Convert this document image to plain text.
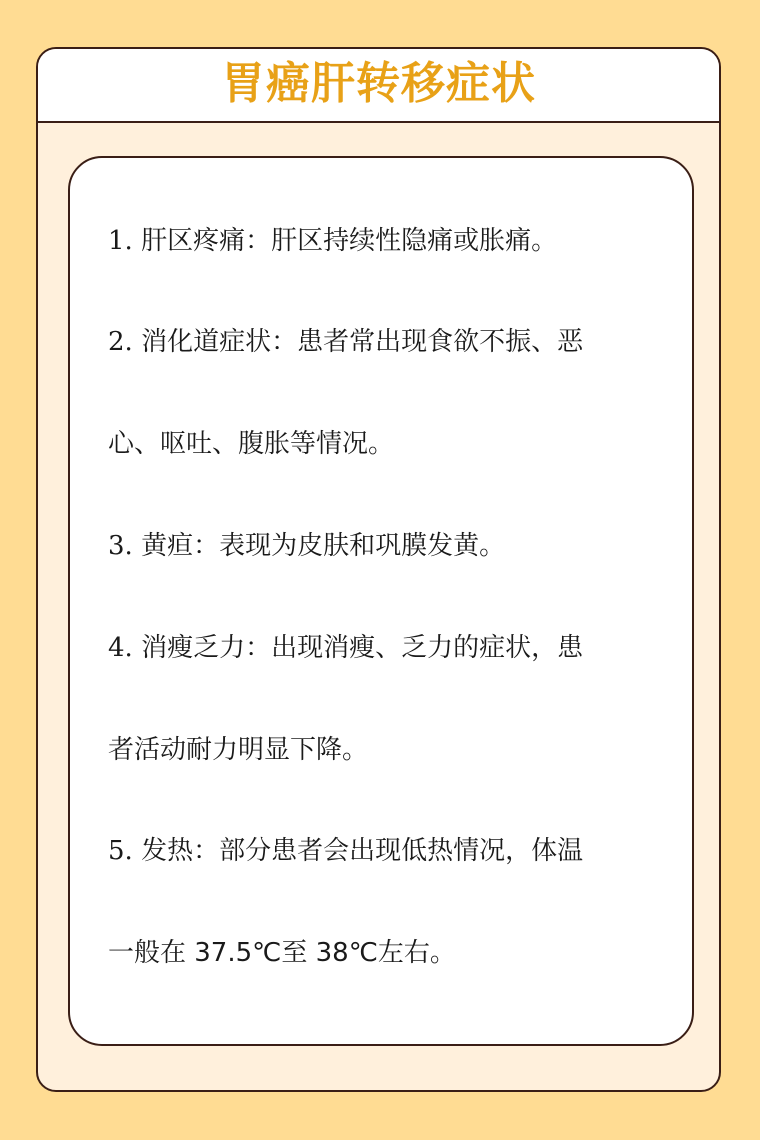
胃癌肝转移症状

1. 肝区疼痛：肝区持续性隐痛或胀痛。

2. 消化道症状：患者常出现食欲不振、恶

心、呕吐、腹胀等情况。

3. 黄疸：表现为皮肤和巩膜发黄。

4. 消瘦乏力：出现消瘦、乏力的症状，患

者活动耐力明显下降。

5. 发热：部分患者会出现低热情况，体温

一般在 37.5℃至 38℃左右。
